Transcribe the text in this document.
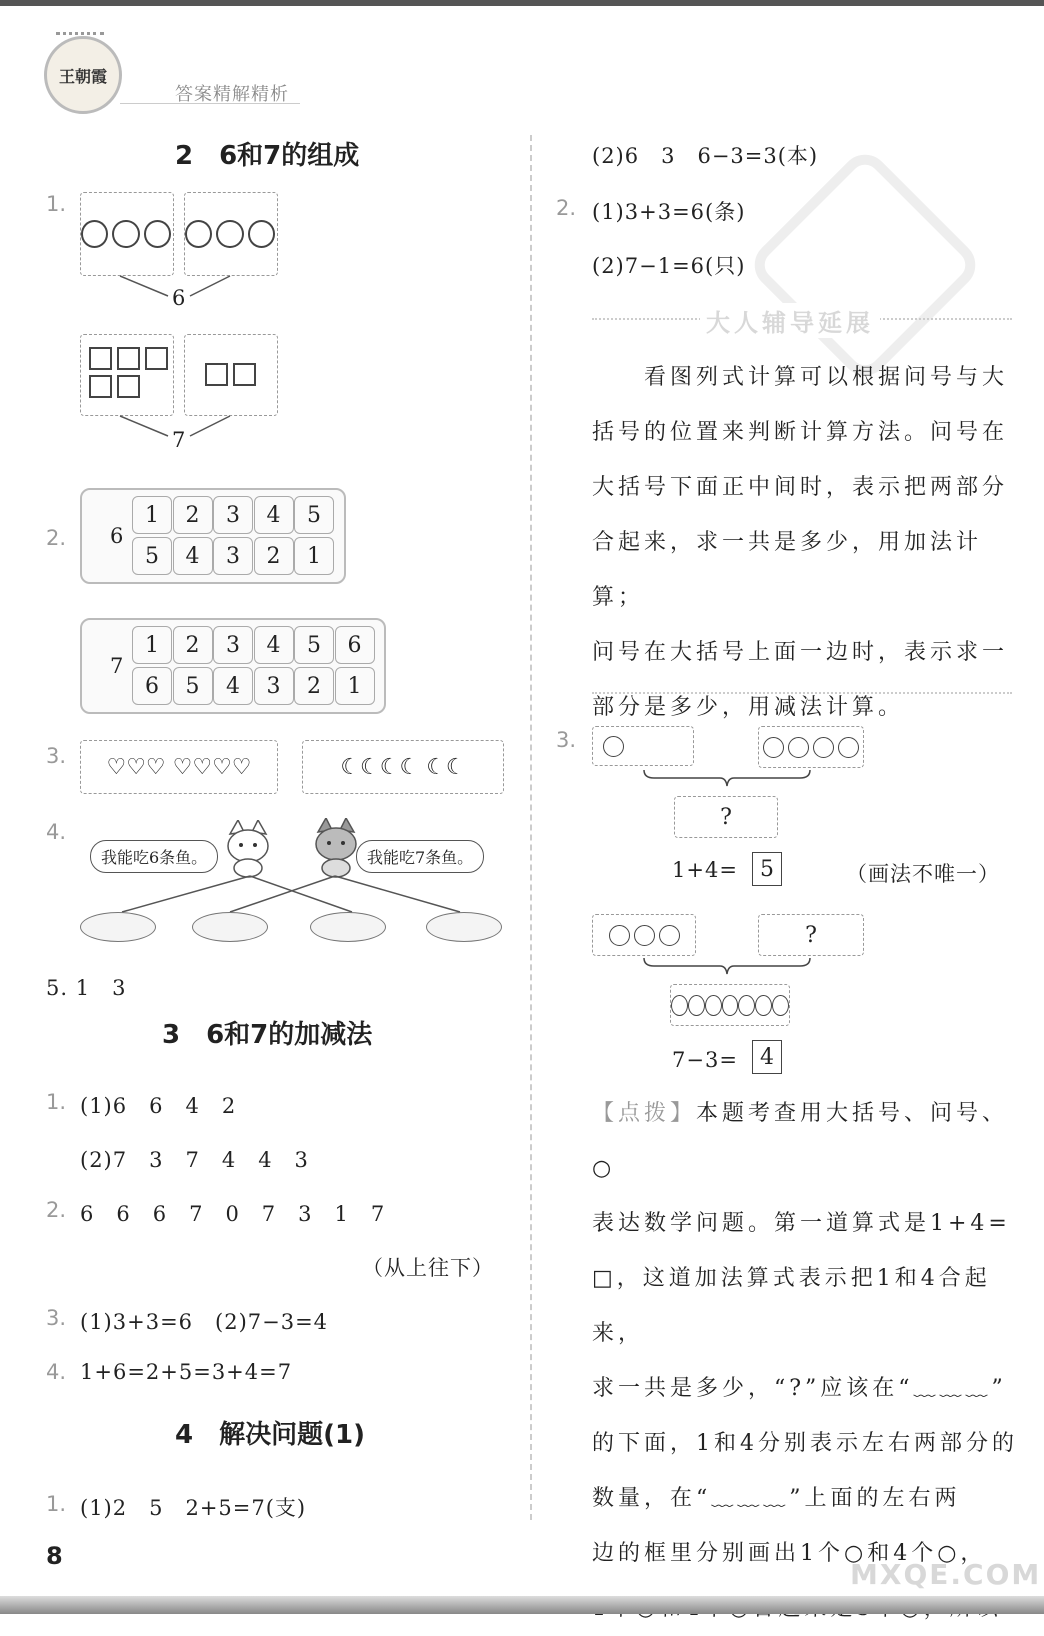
王朝霞
答案精解精析
2　6和7的组成
1.
6
7
2. 6
1	2	3	4	5
5	4	3	2	1
7
1	2	3	4	5	6
6	5	4	3	2	1
3.	♡♡♡ ♡♡♡♡	☾☾☾☾ ☾☾
4.
我能吃6条鱼。	我能吃7条鱼。
5. 1　3
3　6和7的加减法
1. (1)6　6　4　2
(2)7　3　7　4　4　3
2. 6　6　6　7　0　7　3　1　7
（从上往下）
3. (1)3+3=6　(2)7−3=4
4. 1+6=2+5=3+4=7
4　解决问题(1)
1. (1)2　5　2+5=7(支)
8
(2)6　3　6−3=3(本)
2. (1)3+3=6(条)
(2)7−1=6(只)
大人辅导延展
　　看图列式计算可以根据问号与大
括号的位置来判断计算方法。问号在
大括号下面正中间时，表示把两部分
合起来，求一共是多少，用加法计算；
问号在大括号上面一边时，表示求一
部分是多少，用减法计算。
3.
?
1+4=	5	（画法不唯一）
?
7−3=	4
【点拨】本题考查用大括号、问号、○
表达数学问题。第一道算式是1+4=
□，这道加法算式表示把1和4合起来，
求一共是多少，“?”应该在“﹏﹏﹏”
的下面，1和4分别表示左右两部分的
数量，在“﹏﹏﹏”上面的左右两
边的框里分别画出1个○和4个○，
MXQE.COM
